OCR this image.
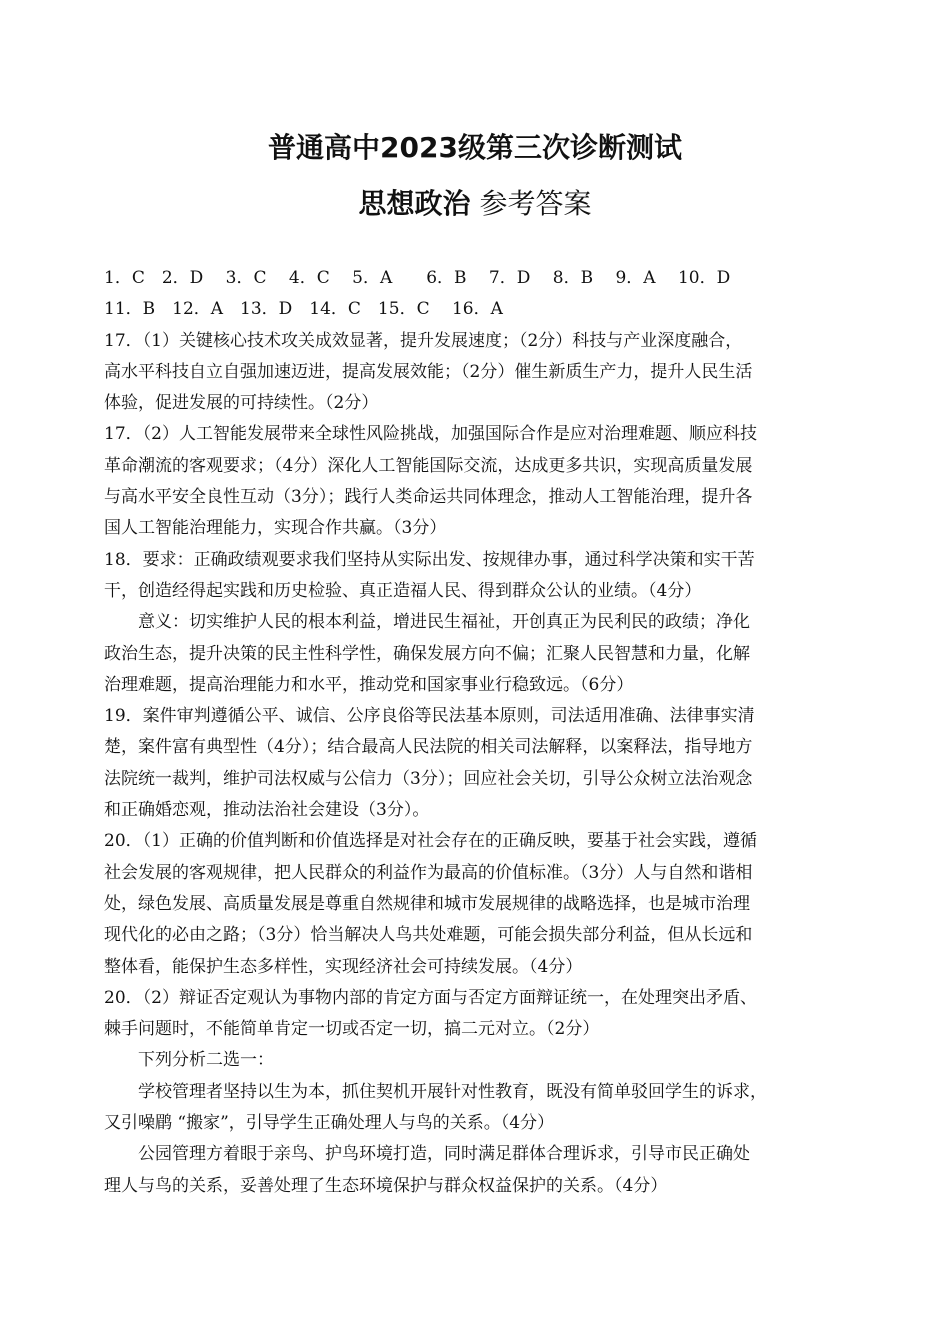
普通高中2023级第三次诊断测试
思想政治 参考答案
1．C　2．D　 3．C　 4．C　 5．A　　6．B　 7．D　 8．B　 9．A　 10．D
11．B　12．A　13．D　14．C　15．C　 16．A
17．（1）关键核心技术攻关成效显著，提升发展速度；（2分）科技与产业深度融合，
高水平科技自立自强加速迈进，提高发展效能；（2分）催生新质生产力，提升人民生活
体验，促进发展的可持续性。（2分）
17．（2）人工智能发展带来全球性风险挑战，加强国际合作是应对治理难题、顺应科技
革命潮流的客观要求；（4分）深化人工智能国际交流，达成更多共识，实现高质量发展
与高水平安全良性互动（3分）；践行人类命运共同体理念，推动人工智能治理，提升各
国人工智能治理能力，实现合作共赢。（3分）
18．要求：正确政绩观要求我们坚持从实际出发、按规律办事，通过科学决策和实干苦
干，创造经得起实践和历史检验、真正造福人民、得到群众公认的业绩。（4分）
　　意义：切实维护人民的根本利益，增进民生福祉，开创真正为民利民的政绩；净化
政治生态，提升决策的民主性科学性，确保发展方向不偏；汇聚人民智慧和力量，化解
治理难题，提高治理能力和水平，推动党和国家事业行稳致远。（6分）
19．案件审判遵循公平、诚信、公序良俗等民法基本原则，司法适用准确、法律事实清
楚，案件富有典型性（4分）；结合最高人民法院的相关司法解释，以案释法，指导地方
法院统一裁判，维护司法权威与公信力（3分）；回应社会关切，引导公众树立法治观念
和正确婚恋观，推动法治社会建设（3分）。
20．（1）正确的价值判断和价值选择是对社会存在的正确反映，要基于社会实践，遵循
社会发展的客观规律，把人民群众的利益作为最高的价值标准。（3分）人与自然和谐相
处，绿色发展、高质量发展是尊重自然规律和城市发展规律的战略选择，也是城市治理
现代化的必由之路；（3分）恰当解决人鸟共处难题，可能会损失部分利益，但从长远和
整体看，能保护生态多样性，实现经济社会可持续发展。（4分）
20．（2）辩证否定观认为事物内部的肯定方面与否定方面辩证统一，在处理突出矛盾、
棘手问题时，不能简单肯定一切或否定一切，搞二元对立。（2分）
　　下列分析二选一：
　　学校管理者坚持以生为本，抓住契机开展针对性教育，既没有简单驳回学生的诉求，
又引噪鹛 “搬家”，引导学生正确处理人与鸟的关系。（4分）
　　公园管理方着眼于亲鸟、护鸟环境打造，同时满足群体合理诉求，引导市民正确处
理人与鸟的关系，妥善处理了生态环境保护与群众权益保护的关系。（4分）
